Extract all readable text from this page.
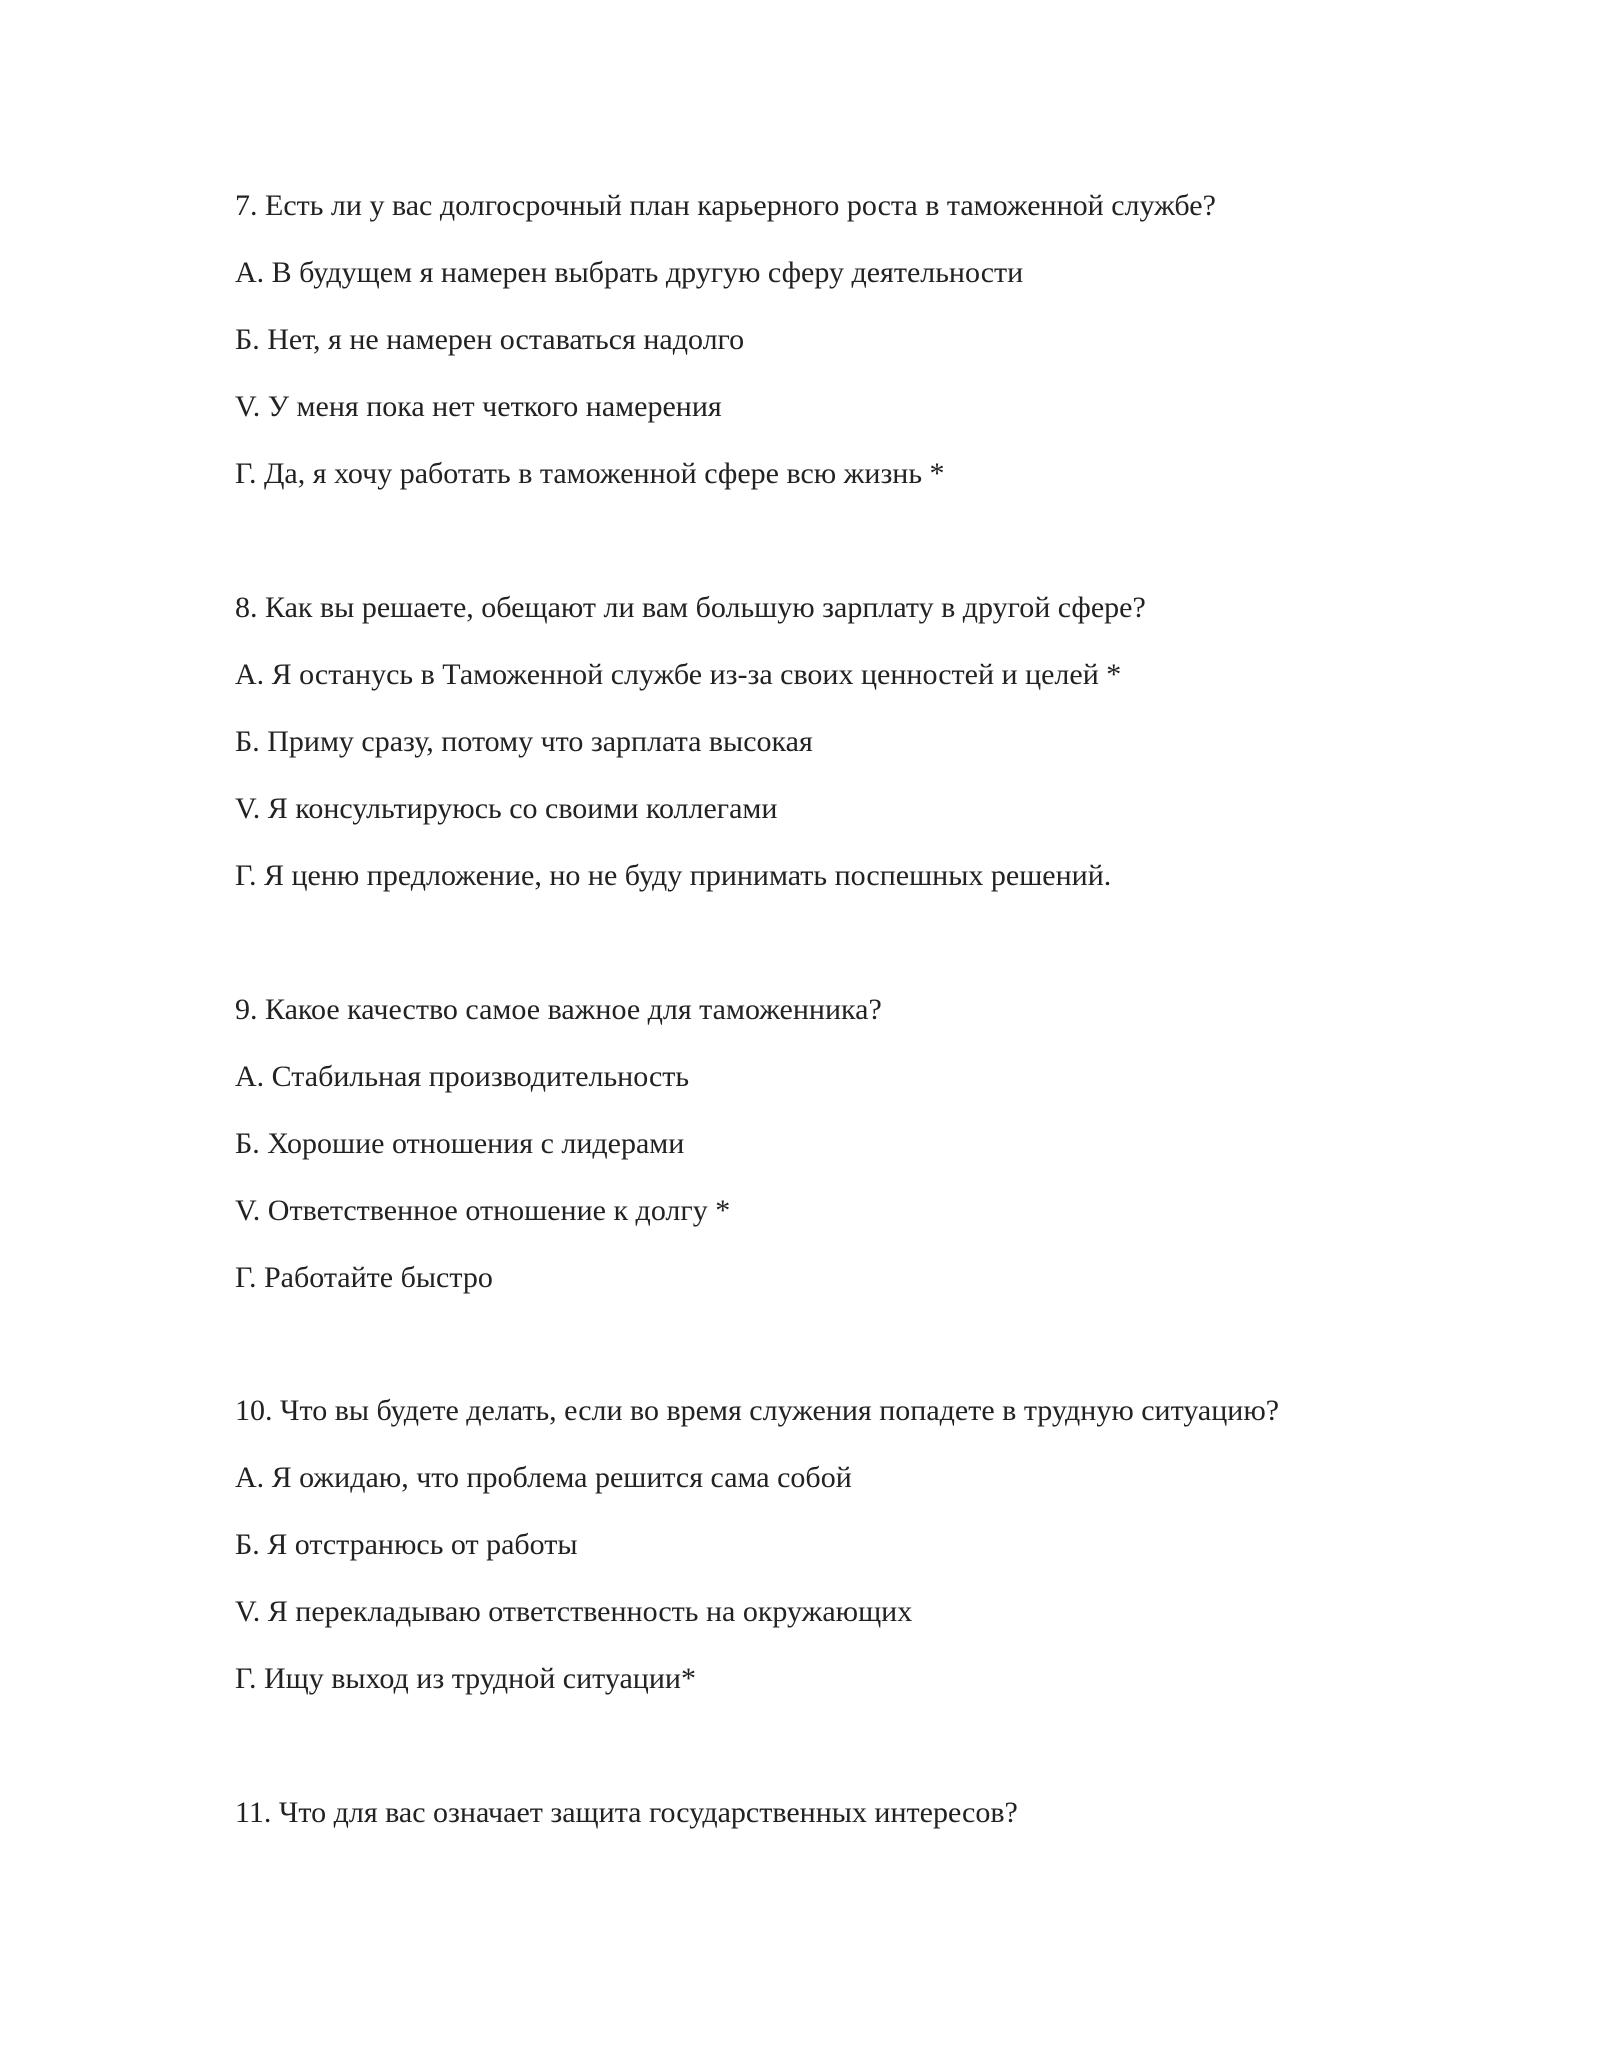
7. Есть ли у вас долгосрочный план карьерного роста в таможенной службе?

А. В будущем я намерен выбрать другую сферу деятельности

Б. Нет, я не намерен оставаться надолго

V. У меня пока нет четкого намерения

Г. Да, я хочу работать в таможенной сфере всю жизнь *

8. Как вы решаете, обещают ли вам большую зарплату в другой сфере?

А. Я останусь в Таможенной службе из-за своих ценностей и целей *

Б. Приму сразу, потому что зарплата высокая

V. Я консультируюсь со своими коллегами

Г. Я ценю предложение, но не буду принимать поспешных решений.

9. Какое качество самое важное для таможенника?

А. Стабильная производительность

Б. Хорошие отношения с лидерами

V. Ответственное отношение к долгу *

Г. Работайте быстро

10. Что вы будете делать, если во время служения попадете в трудную ситуацию?

А. Я ожидаю, что проблема решится сама собой

Б. Я отстранюсь от работы

V. Я перекладываю ответственность на окружающих

Г. Ищу выход из трудной ситуации*

11. Что для вас означает защита государственных интересов?
